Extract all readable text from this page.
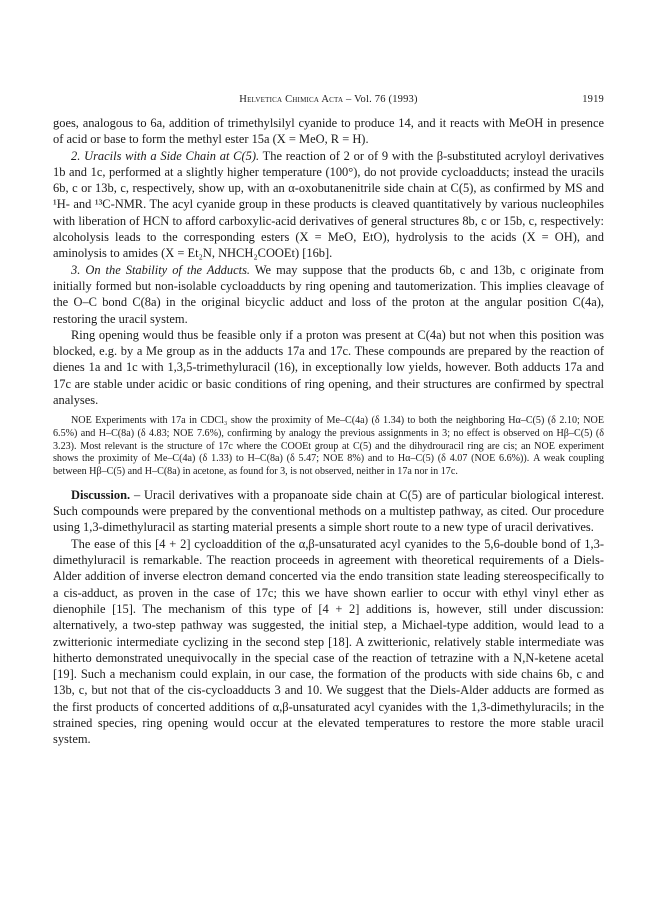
Helvetica Chimica Acta – Vol. 76 (1993)	1919

goes, analogous to 6a, addition of trimethylsilyl cyanide to produce 14, and it reacts with MeOH in presence of acid or base to form the methyl ester 15a (X = MeO, R = H).

2. Uracils with a Side Chain at C(5). The reaction of 2 or of 9 with the β-substituted acryloyl derivatives 1b and 1c, performed at a slightly higher temperature (100°), do not provide cycloadducts; instead the uracils 6b, c or 13b, c, respectively, show up, with an α-oxobutanenitrile side chain at C(5), as confirmed by MS and ¹H- and ¹³C-NMR. The acyl cyanide group in these products is cleaved quantitatively by various nucleophiles with liberation of HCN to afford carboxylic-acid derivatives of general structures 8b, c or 15b, c, respectively: alcoholysis leads to the corresponding esters (X = MeO, EtO), hydrolysis to the acids (X = OH), and aminolysis to amides (X = Et₂N, NHCH₂COOEt) [16b].

3. On the Stability of the Adducts. We may suppose that the products 6b, c and 13b, c originate from initially formed but non-isolable cycloadducts by ring opening and tautomerization. This implies cleavage of the O–C bond C(8a) in the original bicyclic adduct and loss of the proton at the angular position C(4a), restoring the uracil system.

Ring opening would thus be feasible only if a proton was present at C(4a) but not when this position was blocked, e.g. by a Me group as in the adducts 17a and 17c. These compounds are prepared by the reaction of dienes 1a and 1c with 1,3,5-trimethyluracil (16), in exceptionally low yields, however. Both adducts 17a and 17c are stable under acidic or basic conditions of ring opening, and their structures are confirmed by spectral analyses.

NOE Experiments with 17a in CDCl₃ show the proximity of Me–C(4a) (δ 1.34) to both the neighboring Hα–C(5) (δ 2.10; NOE 6.5%) and H–C(8a) (δ 4.83; NOE 7.6%), confirming by analogy the previous assignments in 3; no effect is observed on Hβ–C(5) (δ 3.23). Most relevant is the structure of 17c where the COOEt group at C(5) and the dihydrouracil ring are cis; an NOE experiment shows the proximity of Me–C(4a) (δ 1.33) to H–C(8a) (δ 5.47; NOE 8%) and to Hα–C(5) (δ 4.07 (NOE 6.6%)). A weak coupling between Hβ–C(5) and H–C(8a) in acetone, as found for 3, is not observed, neither in 17a nor in 17c.

Discussion. – Uracil derivatives with a propanoate side chain at C(5) are of particular biological interest. Such compounds were prepared by the conventional methods on a multistep pathway, as cited. Our procedure using 1,3-dimethyluracil as starting material presents a simple short route to a new type of uracil derivatives.

The ease of this [4 + 2] cycloaddition of the α,β-unsaturated acyl cyanides to the 5,6-double bond of 1,3-dimethyluracil is remarkable. The reaction proceeds in agreement with theoretical requirements of a Diels-Alder addition of inverse electron demand concerted via the endo transition state leading stereospecifically to a cis-adduct, as proven in the case of 17c; this we have shown earlier to occur with ethyl vinyl ether as dienophile [15]. The mechanism of this type of [4 + 2] additions is, however, still under discussion: alternatively, a two-step pathway was suggested, the initial step, a Michael-type addition, would lead to a zwitterionic intermediate cyclizing in the second step [18]. A zwitterionic, relatively stable intermediate was hitherto demonstrated unequivocally in the special case of the reaction of tetrazine with a N,N-ketene acetal [19]. Such a mechanism could explain, in our case, the formation of the products with side chains 6b, c and 13b, c, but not that of the cis-cycloadducts 3 and 10. We suggest that the Diels-Alder adducts are formed as the first products of concerted additions of α,β-unsaturated acyl cyanides with the 1,3-dimethyluracils; in the strained species, ring opening would occur at the elevated temperatures to restore the more stable uracil system.
